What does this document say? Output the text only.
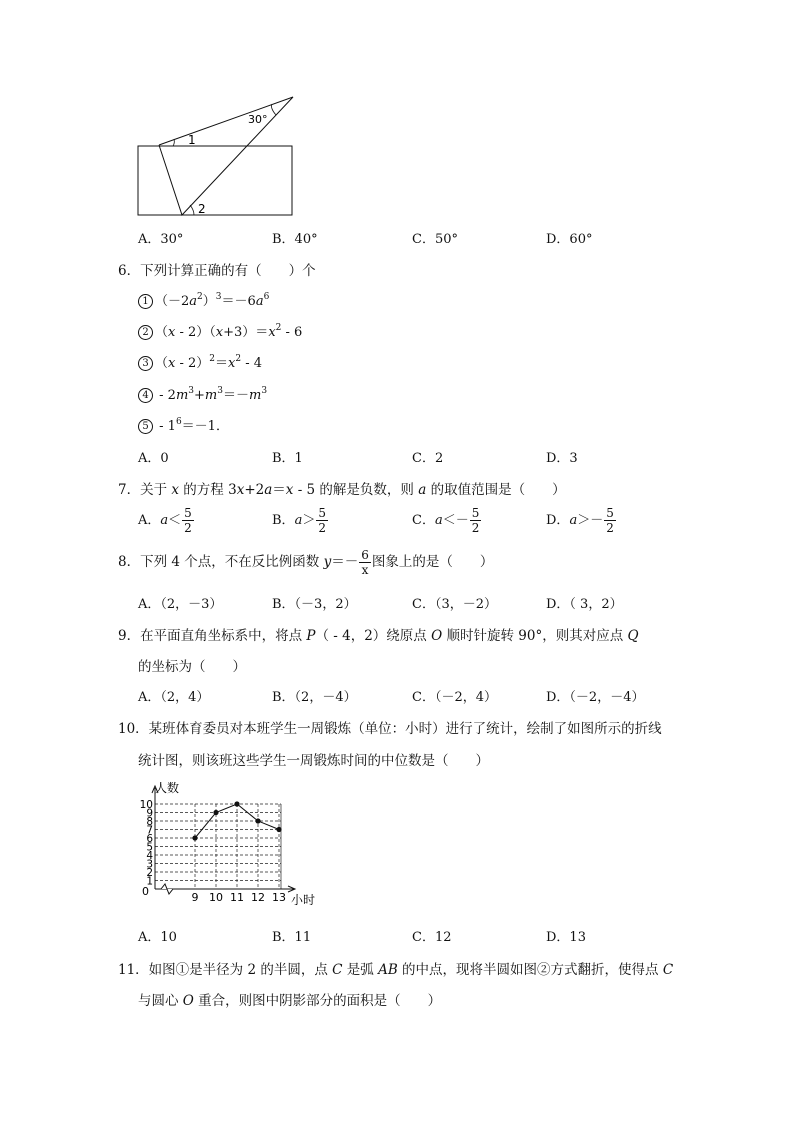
30°
1
2
A．30°	B．40°	C．50°	D．60°
6．下列计算正确的有（　　）个
1 $(-2a^2)^3=-6a^6$
2 $(x - 2)(x+3)=x^2 - 6$
3 $(x - 2)^2=x^2 - 4$
$4 - 2m^3+m^3=-m^3$
$5 - 1^6=-1$．
A．0	B．1	C．2	D．3
7．关于 x 的方程 3x+2a＝x - 5 的解是负数，则 a 的取值范围是（　　）
A．$a< \frac{5}{2}$	B．$a> \frac{5}{2}$	C．$a<- \frac{5}{2}$	D．$a>- \frac{5}{2}$
8．下列 4 个点，不在反比例函数 $y=- \frac{6}{x}$ 图象上的是（　　）
A．（2，－3）	B．（－3，2）	C．（3，－2）	D．（ 3，2）
9．在平面直角坐标系中，将点 P（ - 4，2）绕原点 O 顺时针旋转 90°，则其对应点 Q
的坐标为（　　）
A．（2，4）	B．（2，－4）	C．（－2，4）	D．（－2，－4）
10．某班体育委员对本班学生一周锻炼（单位：小时）进行了统计，绘制了如图所示的折线
统计图，则该班这些学生一周锻炼时间的中位数是（　　）
1
2
3
4
5
6
7
8
9
10
9 10 11 12 13
人数
小时
0
A．10	B．11	C．12	D．13
11．如图①是半径为 2 的半圆，点 C 是弧 AB 的中点，现将半圆如图②方式翻折，使得点 C
与圆心 O 重合，则图中阴影部分的面积是（　　）
